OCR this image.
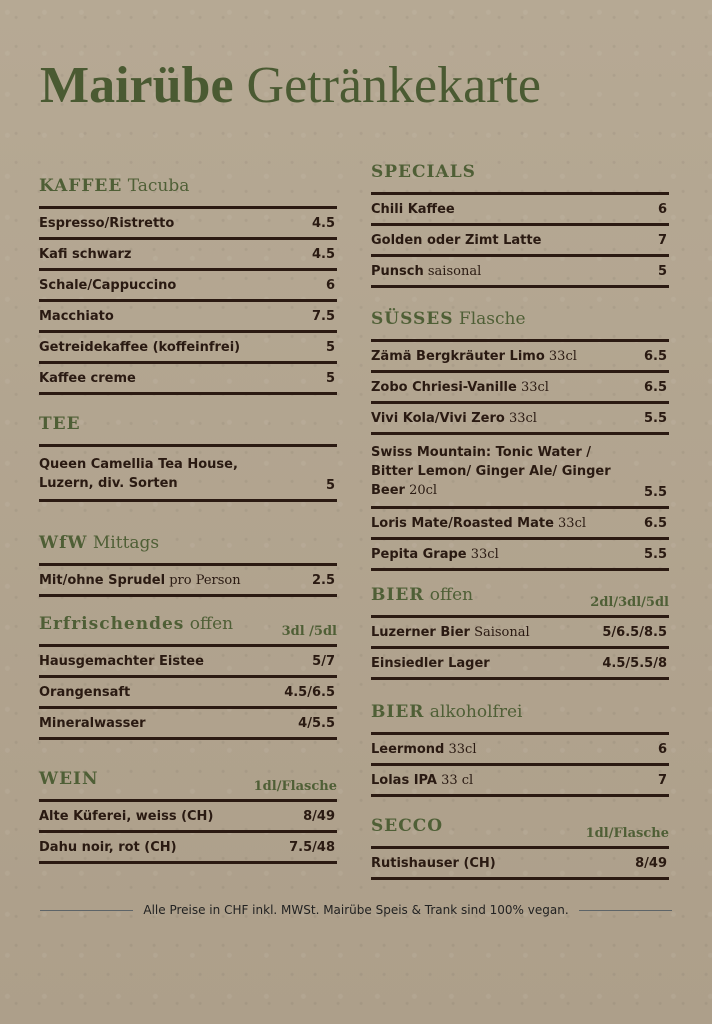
Mairübe Getränkekarte
KAFFEE Tacuba
Espresso/Ristretto	4.5
Kafi schwarz	4.5
Schale/Cappuccino	6
Macchiato	7.5
Getreidekaffee (koffeinfrei)	5
Kaffee creme	5
TEE
Queen Camellia Tea House, Luzern, div. Sorten	5
WfW Mittags
Mit/ohne Sprudel pro Person	2.5
Erfrischendes offen	3dl /5dl
Hausgemachter Eistee	5/7
Orangensaft	4.5/6.5
Mineralwasser	4/5.5
WEIN	1dl/Flasche
Alte Küferei, weiss (CH)	8/49
Dahu noir, rot (CH)	7.5/48
SPECIALS
Chili Kaffee	6
Golden oder Zimt Latte	7
Punsch saisonal	5
SÜSSES Flasche
Zämä Bergkräuter Limo 33cl	6.5
Zobo Chriesi-Vanille 33cl	6.5
Vivi Kola/Vivi Zero 33cl	5.5
Swiss Mountain: Tonic Water / Bitter Lemon/ Ginger Ale/ Ginger Beer 20cl	5.5
Loris Mate/Roasted Mate 33cl	6.5
Pepita Grape 33cl	5.5
BIER offen	2dl/3dl/5dl
Luzerner Bier Saisonal	5/6.5/8.5
Einsiedler Lager	4.5/5.5/8
BIER alkoholfrei
Leermond 33cl	6
Lolas IPA 33 cl	7
SECCO	1dl/Flasche
Rutishauser (CH)	8/49
Alle Preise in CHF inkl. MWSt. Mairübe Speis & Trank sind 100% vegan.
